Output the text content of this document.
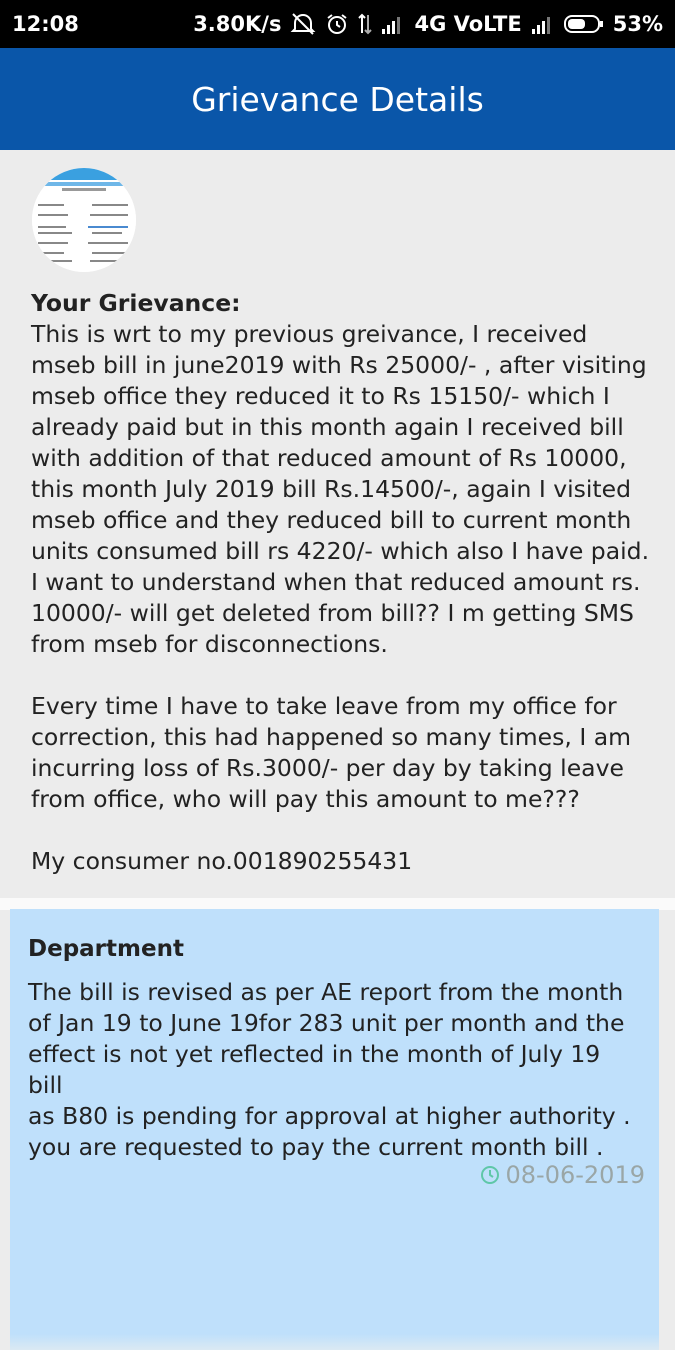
12:08	3.80K/s	4G VoLTE	53%
Grievance Details

Your Grievance:

This is wrt to my previous greivance, I received
mseb bill in june2019 with Rs 25000/- , after visiting
mseb office they reduced it to Rs 15150/- which I
already paid but in this month again I received bill
with addition of that reduced amount of Rs 10000,
this month July 2019 bill Rs.14500/-, again I visited
mseb office and they reduced bill to current month
units consumed bill rs 4220/- which also I have paid.
I want to understand when that reduced amount rs.
10000/- will get deleted from bill?? I m getting SMS
from mseb for disconnections.

Every time I have to take leave from my office for
correction, this had happened so many times, I am
incurring loss of Rs.3000/- per day by taking leave
from office, who will pay this amount to me???

My consumer no.001890255431

Department

The bill is revised as per AE report from the month
of Jan 19 to June 19for 283 unit per month and the
effect is not yet reflected in the month of July 19 bill
as B80 is pending for approval at higher authority .
you are requested to pay the current month bill .

08-06-2019
